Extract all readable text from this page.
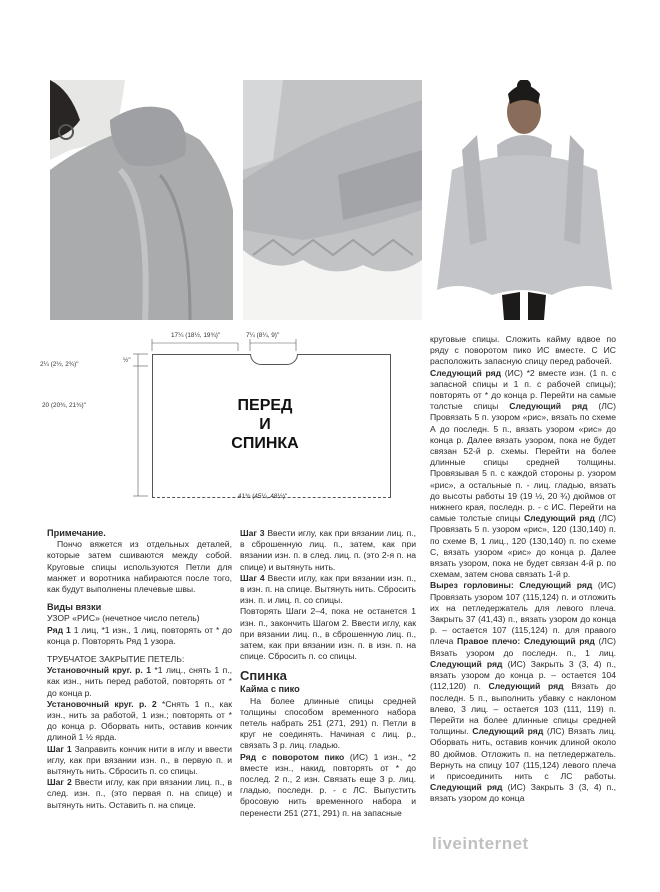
ПЕРЕД
И
СПИНКА
17¼ (18½, 19¾)"	7¼ (8¼, 9)"
½"
2¼ (2½, 2¾)"
20 (20¾, 21¾)"
41¾ (45¼, 48½)"

Примечание.

Пончо вяжется из отдельных деталей, которые затем сшиваются между собой. Круговые спицы используются Петли для манжет и воротника набираются после того, как будут выполнены плечевые швы.

Виды вязки

УЗОР «РИС» (нечетное число петель)

Ряд 1 1 лиц, *1 изн., 1 лиц, повторять от * до конца р. Повторять Ряд 1 узора.

ТРУБЧАТОЕ ЗАКРЫТИЕ ПЕТЕЛЬ:

Установочный круг. р. 1 *1 лиц., снять 1 п., как изн., нить перед работой, повторять от * до конца р.

Установочный круг. р. 2 *Снять 1 п., как изн., нить за работой, 1 изн.; повторять от * до конца р. Оборвать нить, оставив кончик длиной 1 ½ ярда.

Шаг 1 Заправить кончик нити в иглу и ввести иглу, как при вязании изн. п., в первую п. и вытянуть нить. Сбросить п. со спицы.

Шаг 2 Ввести иглу, как при вязании лиц. п., в след. изн. п., (это первая п. на спице) и вытянуть нить. Оставить п. на спице.

Шаг 3 Ввести иглу, как при вязании лиц. п., в сброшенную лиц. п., затем, как при вязании изн. п. в след. лиц. п. (это 2-я п. на спице) и вытянуть нить.

Шаг 4 Ввести иглу, как при вязании изн. п., в изн. п. на спице. Вытянуть нить. Сбросить изн. п. и лиц. п. со спицы.

Повторять Шаги 2–4, пока не останется 1 изн. п., закончить Шагом 2. Ввести иглу, как при вязании лиц. п., в сброшенную лиц. п., затем, как при вязании изн. п. в изн. п. на спице. Сбросить п. со спицы.

Спинка

Кайма с пико

На более длинные спицы средней толщины способом временного набора петель набрать 251 (271, 291) п. Петли в круг не соединять. Начиная с лиц. р., связать 3 р. лиц. гладью.

Ряд с поворотом пико (ИС) 1 изн., *2 вместе изн., накид, повторять от * до послед. 2 п., 2 изн. Связать еще 3 р. лиц. гладью, последн. р. - с ЛС. Выпустить бросовую нить временного набора и перенести 251 (271, 291) п. на запасные

круговые спицы. Сложить кайму вдвое по ряду с поворотом пико ИС вместе. С ИС расположить запасную спицу перед рабочей.

Следующий ряд (ИС) *2 вместе изн. (1 п. с запасной спицы и 1 п. с рабочей спицы); повторять от * до конца р. Перейти на самые толстые спицы Следующий ряд (ЛС) Провязать 5 п. узором «рис», вязать по схеме А до последн. 5 п., вязать узором «рис» до конца р. Далее вязать узором, пока не будет связан 52-й р. схемы. Перейти на более длинные спицы средней толщины. Провязывая 5 п. с каждой стороны р. узором «рис», а остальные п. - лиц. гладью, вязать до высоты работы 19 (19 ½, 20 ¾) дюймов от нижнего края, последн. р. - с ИС. Перейти на самые толстые спицы Следующий ряд (ЛС) Провязать 5 п. узором «рис», 120 (130,140) п. по схеме В, 1 лиц., 120 (130,140) п. по схеме С, вязать узором «рис» до конца р. Далее вязать узором, пока не будет связан 4-й р. по схемам, затем снова связать 1-й р.

Вырез горловины: Следующий ряд (ИС) Провязать узором 107 (115,124) п. и отложить их на петледержатель для левого плеча. Закрыть 37 (41,43) п., вязать узором до конца р. – остается 107 (115,124) п. для правого плеча Правое плечо: Следующий ряд (ЛС) Вязать узором до последн. п., 1 лиц. Следующий ряд (ИС) Закрыть 3 (3, 4) п., вязать узором до конца р. – остается 104 (112,120) п. Следующий ряд Вязать до последн. 5 п., выполнить убавку с наклоном влево, 3 лиц. – остается 103 (111, 119) п. Перейти на более длинные спицы средней толщины. Следующий ряд (ЛС) Вязать лиц. Оборвать нить, оставив кончик длиной около 80 дюймов. Отложить п. на петледержатель. Вернуть на спицу 107 (115,124) левого плеча и присоединить нить с ЛС работы. Следующий ряд (ИС) Закрыть 3 (3, 4) п., вязать узором до конца

liveinternet
